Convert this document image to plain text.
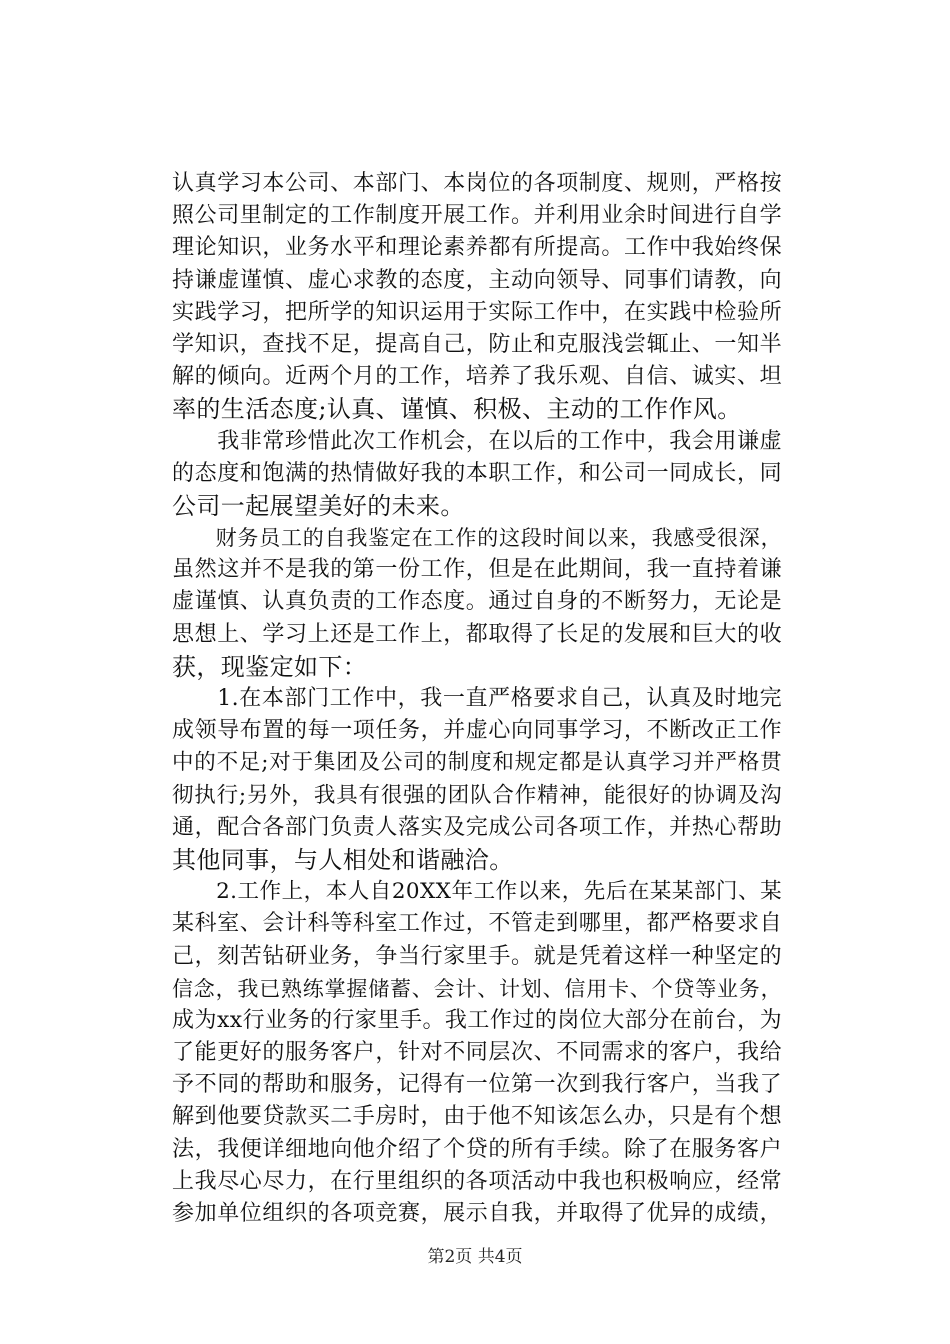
认真学习本公司、本部门、本岗位的各项制度、规则，严格按
照公司里制定的工作制度开展工作。并利用业余时间进行自学
理论知识，业务水平和理论素养都有所提高。工作中我始终保
持谦虚谨慎、虚心求教的态度，主动向领导、同事们请教，向
实践学习，把所学的知识运用于实际工作中，在实践中检验所
学知识，查找不足，提高自己，防止和克服浅尝辄止、一知半
解的倾向。近两个月的工作，培养了我乐观、自信、诚实、坦
率的生活态度;认真、谨慎、积极、主动的工作作风。
　　我非常珍惜此次工作机会，在以后的工作中，我会用谦虚
的态度和饱满的热情做好我的本职工作，和公司一同成长，同
公司一起展望美好的未来。
　　财务员工的自我鉴定在工作的这段时间以来，我感受很深，
虽然这并不是我的第一份工作，但是在此期间，我一直持着谦
虚谨慎、认真负责的工作态度。通过自身的不断努力，无论是
思想上、学习上还是工作上，都取得了长足的发展和巨大的收
获，现鉴定如下：
　　1.在本部门工作中，我一直严格要求自己，认真及时地完
成领导布置的每一项任务，并虚心向同事学习，不断改正工作
中的不足;对于集团及公司的制度和规定都是认真学习并严格贯
彻执行;另外，我具有很强的团队合作精神，能很好的协调及沟
通，配合各部门负责人落实及完成公司各项工作，并热心帮助
其他同事，与人相处和谐融洽。
　　2.工作上，本人自20XX年工作以来，先后在某某部门、某
某科室、会计科等科室工作过，不管走到哪里，都严格要求自
己，刻苦钻研业务，争当行家里手。就是凭着这样一种坚定的
信念，我已熟练掌握储蓄、会计、计划、信用卡、个贷等业务，
成为xx行业务的行家里手。我工作过的岗位大部分在前台，为
了能更好的服务客户，针对不同层次、不同需求的客户，我给
予不同的帮助和服务，记得有一位第一次到我行客户，当我了
解到他要贷款买二手房时，由于他不知该怎么办，只是有个想
法，我便详细地向他介绍了个贷的所有手续。除了在服务客户
上我尽心尽力，在行里组织的各项活动中我也积极响应，经常
参加单位组织的各项竞赛，展示自我，并取得了优异的成绩，
第2页 共4页
